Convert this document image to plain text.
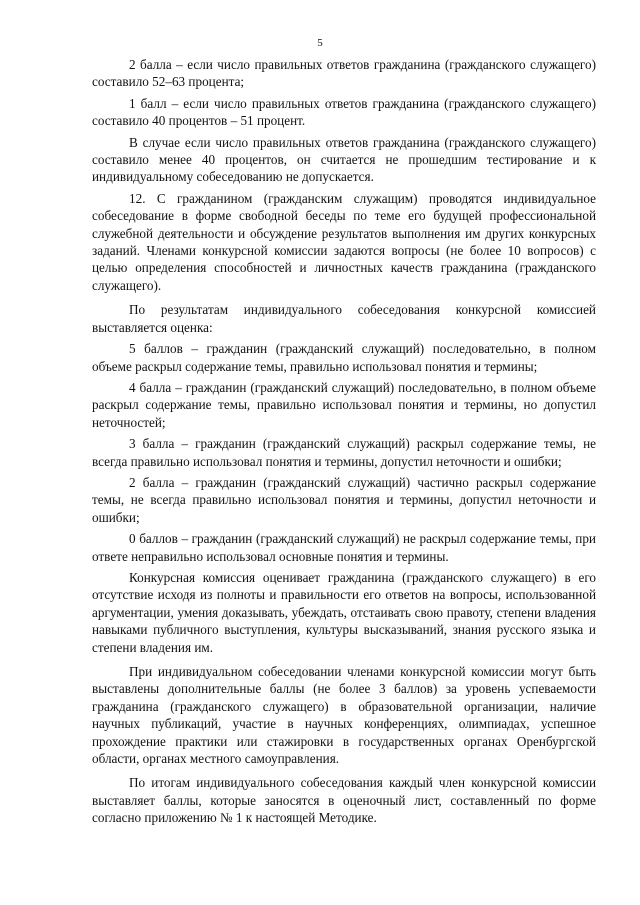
5

2 балла – если число правильных ответов гражданина (гражданского служащего) составило 52–63 процента;

1 балл – если число правильных ответов гражданина (гражданского служащего) составило 40 процентов – 51 процент.

В случае если число правильных ответов гражданина (гражданского служащего) составило менее 40 процентов, он считается не прошедшим тестирование и к индивидуальному собеседованию не допускается.

12. С гражданином (гражданским служащим) проводятся индивидуальное собеседование в форме свободной беседы по теме его будущей профессиональной служебной деятельности и обсуждение результатов выполнения им других конкурсных заданий. Членами конкурсной комиссии задаются вопросы (не более 10 вопросов) с целью определения способностей и личностных качеств гражданина (гражданского служащего).

По результатам индивидуального собеседования конкурсной комиссией выставляется оценка:

5 баллов – гражданин (гражданский служащий) последовательно, в полном объеме раскрыл содержание темы, правильно использовал понятия и термины;

4 балла – гражданин (гражданский служащий) последовательно, в полном объеме раскрыл содержание темы, правильно использовал понятия и термины, но допустил неточностей;

3 балла – гражданин (гражданский служащий) раскрыл содержание темы, не всегда правильно использовал понятия и термины, допустил неточности и ошибки;

2 балла – гражданин (гражданский служащий) частично раскрыл содержание темы, не всегда правильно использовал понятия и термины, допустил неточности и ошибки;

0 баллов – гражданин (гражданский служащий) не раскрыл содержание темы, при ответе неправильно использовал основные понятия и термины.

Конкурсная комиссия оценивает гражданина (гражданского служащего) в его отсутствие исходя из полноты и правильности его ответов на вопросы, использованной аргументации, умения доказывать, убеждать, отстаивать свою правоту, степени владения навыками публичного выступления, культуры высказываний, знания русского языка и степени владения им.

При индивидуальном собеседовании членами конкурсной комиссии могут быть выставлены дополнительные баллы (не более 3 баллов) за уровень успеваемости гражданина (гражданского служащего) в образовательной организации, наличие научных публикаций, участие в научных конференциях, олимпиадах, успешное прохождение практики или стажировки в государственных органах Оренбургской области, органах местного самоуправления.

По итогам индивидуального собеседования каждый член конкурсной комиссии выставляет баллы, которые заносятся в оценочный лист, составленный по форме согласно приложению № 1 к настоящей Методике.
